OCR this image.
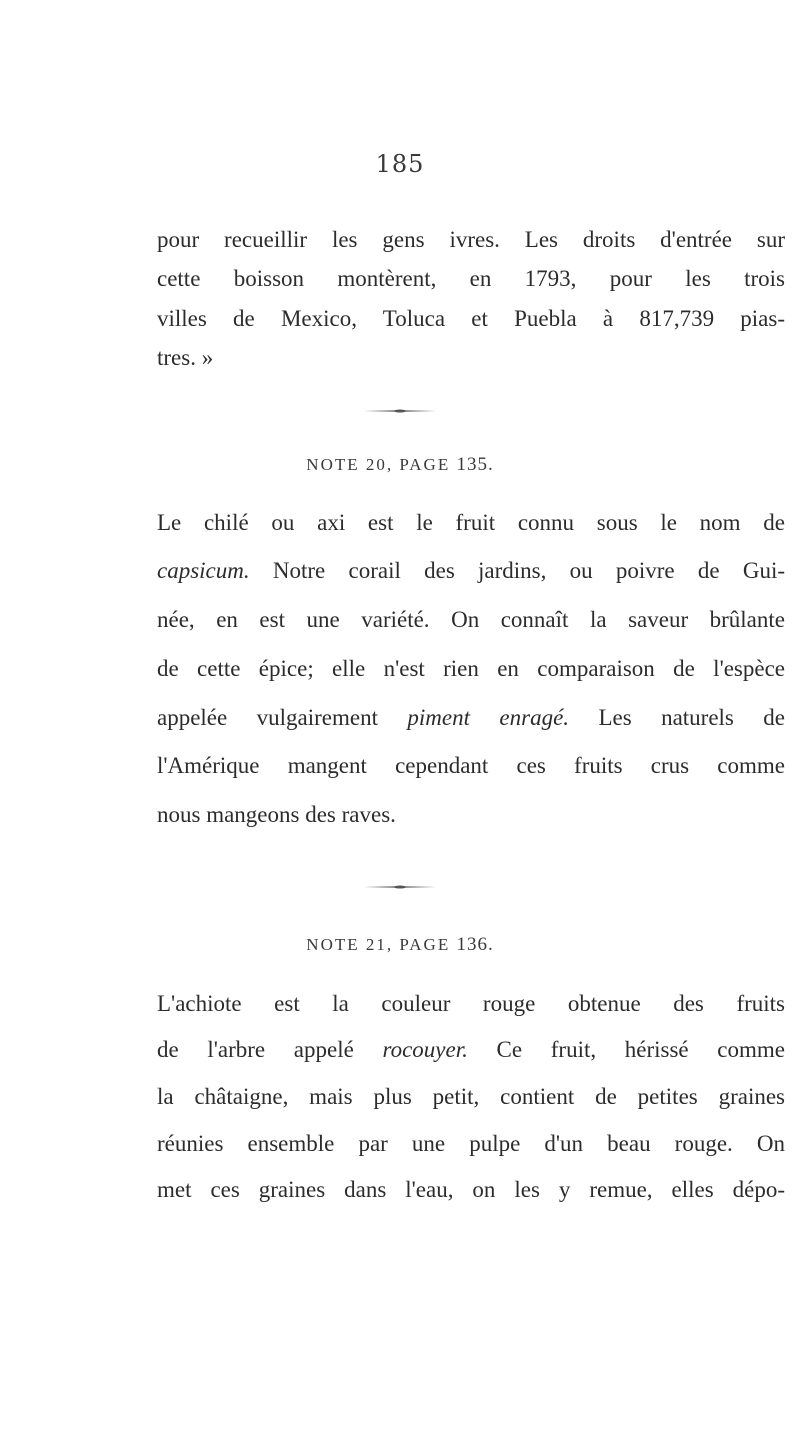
185
pour recueillir les gens ivres. Les droits d'entrée sur
cette boisson montèrent, en 1793, pour les trois
villes de Mexico, Toluca et Puebla à 817,739 pias-
tres. »
NOTE 20, PAGE 135.
Le chilé ou axi est le fruit connu sous le nom de
capsicum. Notre corail des jardins, ou poivre de Gui-
née, en est une variété. On connaît la saveur brûlante
de cette épice; elle n'est rien en comparaison de l'espèce
appelée vulgairement piment enragé. Les naturels de
l'Amérique mangent cependant ces fruits crus comme
nous mangeons des raves.
NOTE 21, PAGE 136.
L'achiote est la couleur rouge obtenue des fruits
de l'arbre appelé rocouyer. Ce fruit, hérissé comme
la châtaigne, mais plus petit, contient de petites graines
réunies ensemble par une pulpe d'un beau rouge. On
met ces graines dans l'eau, on les y remue, elles dépo-
